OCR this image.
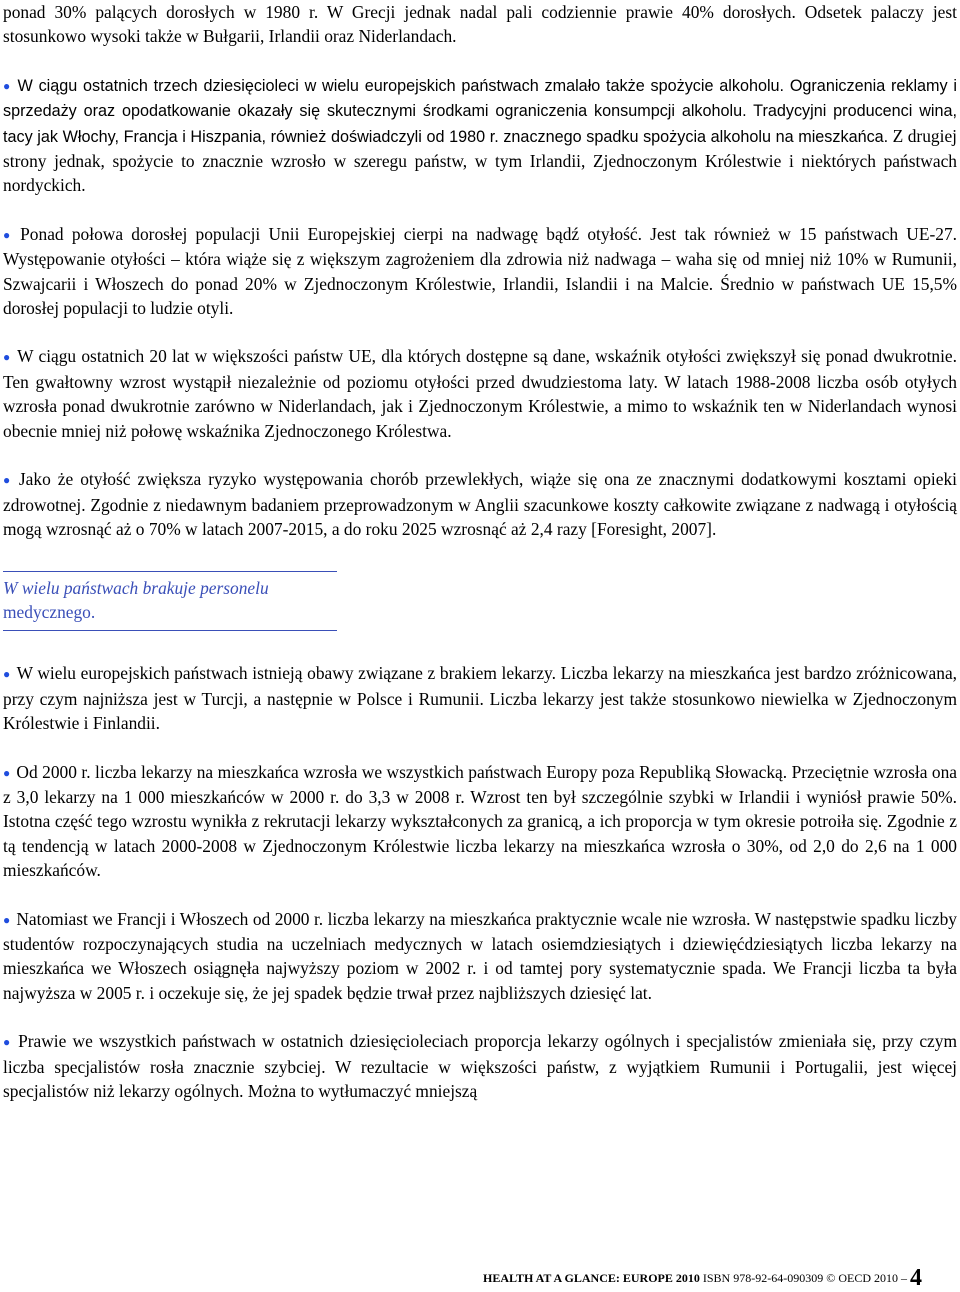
ponad 30% palących dorosłych w 1980 r. W Grecji jednak nadal pali codziennie prawie 40% dorosłych. Odsetek palaczy jest stosunkowo wysoki także w Bułgarii, Irlandii oraz Niderlandach.

● W ciągu ostatnich trzech dziesięcioleci w wielu europejskich państwach zmalało także spożycie alkoholu. Ograniczenia reklamy i sprzedaży oraz opodatkowanie okazały się skutecznymi środkami ograniczenia konsumpcji alkoholu. Tradycyjni producenci wina, tacy jak Włochy, Francja i Hiszpania, również doświadczyli od 1980 r. znacznego spadku spożycia alkoholu na mieszkańca. Z drugiej strony jednak, spożycie to znacznie wzrosło w szeregu państw, w tym Irlandii, Zjednoczonym Królestwie i niektórych państwach nordyckich.

● Ponad połowa dorosłej populacji Unii Europejskiej cierpi na nadwagę bądź otyłość. Jest tak również w 15 państwach UE-27. Występowanie otyłości – która wiąże się z większym zagrożeniem dla zdrowia niż nadwaga – waha się od mniej niż 10% w Rumunii, Szwajcarii i Włoszech do ponad 20% w Zjednoczonym Królestwie, Irlandii, Islandii i na Malcie. Średnio w państwach UE 15,5% dorosłej populacji to ludzie otyli.

● W ciągu ostatnich 20 lat w większości państw UE, dla których dostępne są dane, wskaźnik otyłości zwiększył się ponad dwukrotnie. Ten gwałtowny wzrost wystąpił niezależnie od poziomu otyłości przed dwudziestoma laty. W latach 1988-2008 liczba osób otyłych wzrosła ponad dwukrotnie zarówno w Niderlandach, jak i Zjednoczonym Królestwie, a mimo to wskaźnik ten w Niderlandach wynosi obecnie mniej niż połowę wskaźnika Zjednoczonego Królestwa.

● Jako że otyłość zwiększa ryzyko występowania chorób przewlekłych, wiąże się ona ze znacznymi dodatkowymi kosztami opieki zdrowotnej. Zgodnie z niedawnym badaniem przeprowadzonym w Anglii szacunkowe koszty całkowite związane z nadwagą i otyłością mogą wzrosnąć aż o 70% w latach 2007-2015, a do roku 2025 wzrosnąć aż 2,4 razy [Foresight, 2007].

W wielu państwach brakuje personelu medycznego.

● W wielu europejskich państwach istnieją obawy związane z brakiem lekarzy. Liczba lekarzy na mieszkańca jest bardzo zróżnicowana, przy czym najniższa jest w Turcji, a następnie w Polsce i Rumunii. Liczba lekarzy jest także stosunkowo niewielka w Zjednoczonym Królestwie i Finlandii.

● Od 2000 r. liczba lekarzy na mieszkańca wzrosła we wszystkich państwach Europy poza Republiką Słowacką. Przeciętnie wzrosła ona z 3,0 lekarzy na 1 000 mieszkańców w 2000 r. do 3,3 w 2008 r. Wzrost ten był szczególnie szybki w Irlandii i wyniósł prawie 50%. Istotna część tego wzrostu wynikła z rekrutacji lekarzy wykształconych za granicą, a ich proporcja w tym okresie potroiła się. Zgodnie z tą tendencją w latach 2000-2008 w Zjednoczonym Królestwie liczba lekarzy na mieszkańca wzrosła o 30%, od 2,0 do 2,6 na 1 000 mieszkańców.

● Natomiast we Francji i Włoszech od 2000 r. liczba lekarzy na mieszkańca praktycznie wcale nie wzrosła. W następstwie spadku liczby studentów rozpoczynających studia na uczelniach medycznych w latach osiemdziesiątych i dziewięćdziesiątych liczba lekarzy na mieszkańca we Włoszech osiągnęła najwyższy poziom w 2002 r. i od tamtej pory systematycznie spada. We Francji liczba ta była najwyższa w 2005 r. i oczekuje się, że jej spadek będzie trwał przez najbliższych dziesięć lat.

● Prawie we wszystkich państwach w ostatnich dziesięcioleciach proporcja lekarzy ogólnych i specjalistów zmieniała się, przy czym liczba specjalistów rosła znacznie szybciej. W rezultacie w większości państw, z wyjątkiem Rumunii i Portugalii, jest więcej specjalistów niż lekarzy ogólnych. Można to wytłumaczyć mniejszą

HEALTH AT A GLANCE: EUROPE 2010 ISBN 978-92-64-090309 © OECD 2010 – 4
